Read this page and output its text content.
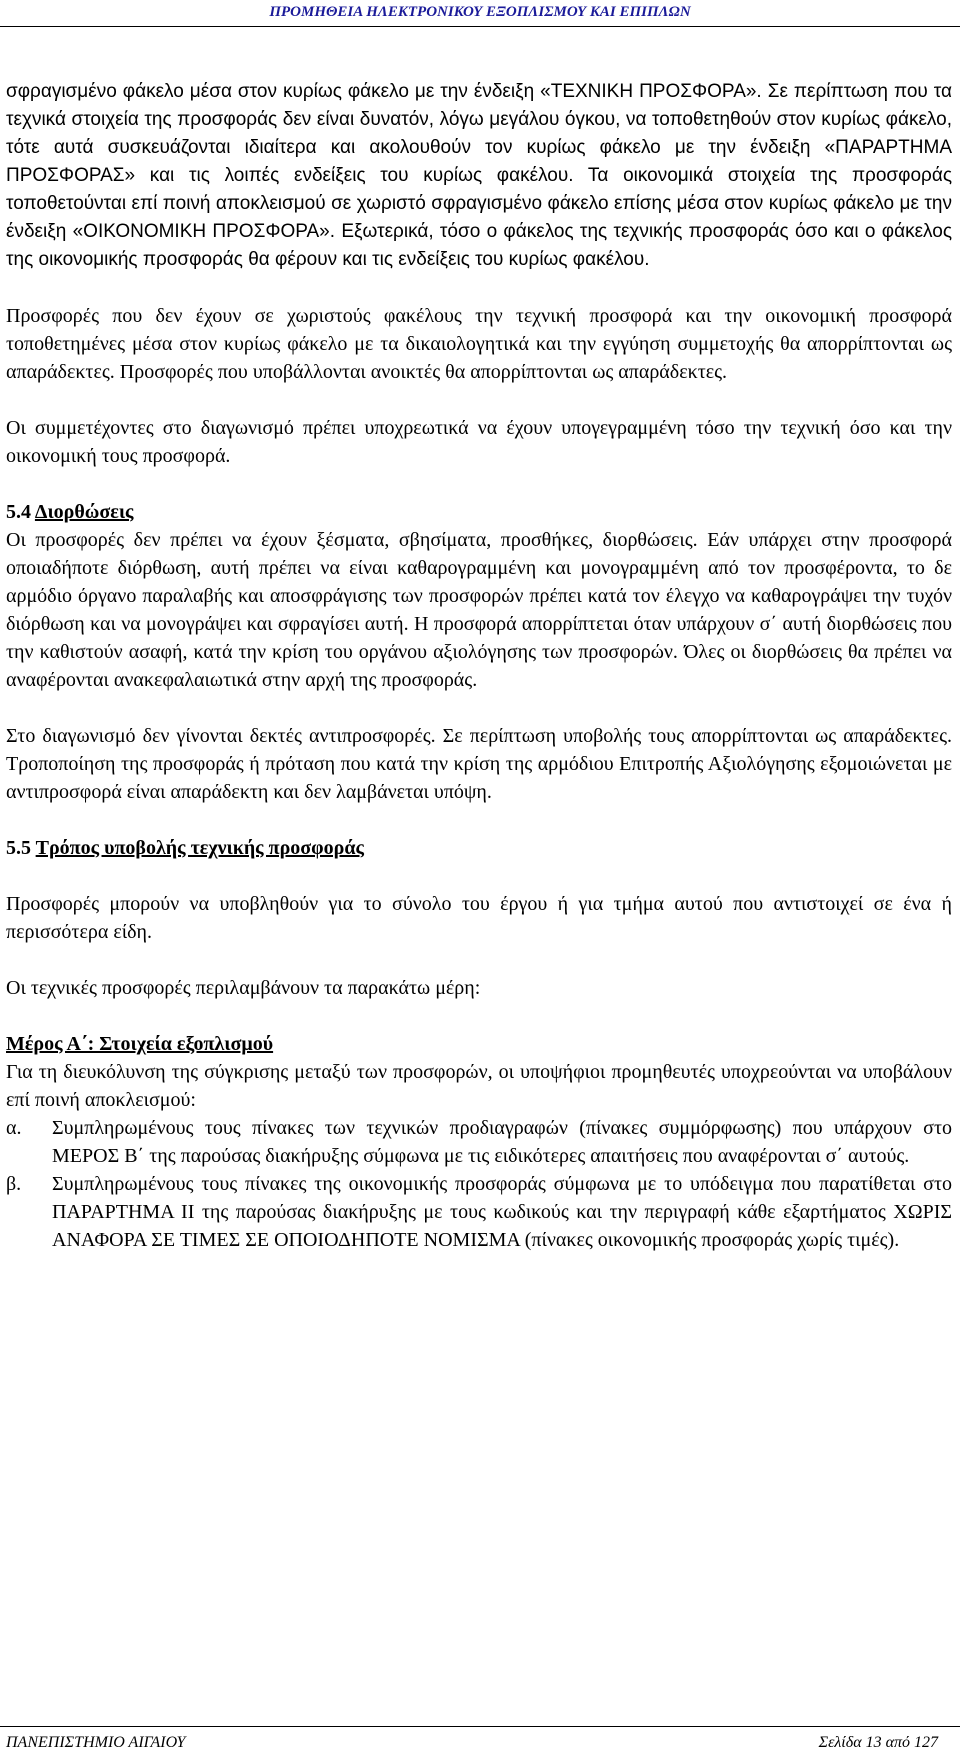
ΠΡΟΜΗΘΕΙΑ ΗΛΕΚΤΡΟΝΙΚΟΥ ΕΞΟΠΛΙΣΜΟΥ ΚΑΙ ΕΠΙΠΛΩΝ

σφραγισμένο φάκελο μέσα στον κυρίως φάκελο με την ένδειξη «ΤΕΧΝΙΚΗ ΠΡΟΣΦΟΡΑ». Σε περίπτωση που τα τεχνικά στοιχεία της προσφοράς δεν είναι δυνατόν, λόγω μεγάλου όγκου, να τοποθετηθούν στον κυρίως φάκελο, τότε αυτά συσκευάζονται ιδιαίτερα και ακολουθούν τον κυρίως φάκελο με την ένδειξη «ΠΑΡΑΡΤΗΜΑ ΠΡΟΣΦΟΡΑΣ» και τις λοιπές ενδείξεις του κυρίως φακέλου. Τα οικονομικά στοιχεία της προσφοράς τοποθετούνται επί ποινή αποκλεισμού σε χωριστό σφραγισμένο φάκελο επίσης μέσα στον κυρίως φάκελο με την ένδειξη «ΟΙΚΟΝΟΜΙΚΗ ΠΡΟΣΦΟΡΑ». Εξωτερικά, τόσο ο φάκελος της τεχνικής προσφοράς όσο και ο φάκελος της οικονομικής προσφοράς θα φέρουν και τις ενδείξεις του κυρίως φακέλου.

Προσφορές που δεν έχουν σε χωριστούς φακέλους την τεχνική προσφορά και την οικονομική προσφορά τοποθετημένες μέσα στον κυρίως φάκελο με τα δικαιολογητικά και την εγγύηση συμμετοχής θα απορρίπτονται ως απαράδεκτες. Προσφορές που υποβάλλονται ανοικτές θα απορρίπτονται ως απαράδεκτες.

Οι συμμετέχοντες στο διαγωνισμό πρέπει υποχρεωτικά να έχουν υπογεγραμμένη τόσο την τεχνική όσο και την οικονομική τους προσφορά.

5.4 Διορθώσεις

Οι προσφορές δεν πρέπει να έχουν ξέσματα, σβησίματα, προσθήκες, διορθώσεις. Εάν υπάρχει στην προσφορά οποιαδήποτε διόρθωση, αυτή πρέπει να είναι καθαρογραμμένη και μονογραμμένη από τον προσφέροντα, το δε αρμόδιο όργανο παραλαβής και αποσφράγισης των προσφορών πρέπει κατά τον έλεγχο να καθαρογράψει την τυχόν διόρθωση και να μονογράψει και σφραγίσει αυτή. Η προσφορά απορρίπτεται όταν υπάρχουν σ΄ αυτή διορθώσεις που την καθιστούν ασαφή, κατά την κρίση του οργάνου αξιολόγησης των προσφορών. Όλες οι διορθώσεις θα πρέπει να αναφέρονται ανακεφαλαιωτικά στην αρχή της προσφοράς.

Στο διαγωνισμό δεν γίνονται δεκτές αντιπροσφορές. Σε περίπτωση υποβολής τους απορρίπτονται ως απαράδεκτες. Τροποποίηση της προσφοράς ή πρόταση που κατά την κρίση της αρμόδιου Επιτροπής Αξιολόγησης εξομοιώνεται με αντιπροσφορά είναι απαράδεκτη και δεν λαμβάνεται υπόψη.

5.5 Τρόπος υποβολής τεχνικής προσφοράς

Προσφορές μπορούν να υποβληθούν για το σύνολο του έργου ή για τμήμα αυτού που αντιστοιχεί σε ένα ή περισσότερα είδη.

Οι τεχνικές προσφορές περιλαμβάνουν τα παρακάτω μέρη:

Μέρος Α΄: Στοιχεία εξοπλισμού

Για τη διευκόλυνση της σύγκρισης μεταξύ των προσφορών, οι υποψήφιοι προμηθευτές υποχρεούνται να υποβάλουν επί ποινή αποκλεισμού:

α.	Συμπληρωμένους τους πίνακες των τεχνικών προδιαγραφών (πίνακες συμμόρφωσης) που υπάρχουν στο ΜΕΡΟΣ Β΄ της παρούσας διακήρυξης σύμφωνα με τις ειδικότερες απαιτήσεις που αναφέρονται σ΄ αυτούς.
β.	Συμπληρωμένους τους πίνακες της οικονομικής προσφοράς σύμφωνα με το υπόδειγμα που παρατίθεται στο ΠΑΡΑΡΤΗΜΑ ΙΙ της παρούσας διακήρυξης με τους κωδικούς και την περιγραφή κάθε εξαρτήματος ΧΩΡΙΣ ΑΝΑΦΟΡΑ ΣΕ ΤΙΜΕΣ ΣΕ ΟΠΟΙΟΔΗΠΟΤΕ ΝΟΜΙΣΜΑ (πίνακες οικονομικής προσφοράς χωρίς τιμές).
ΠΑΝΕΠΙΣΤΗΜΙΟ ΑΙΓΑΙΟΥ	Σελίδα 13 από 127
